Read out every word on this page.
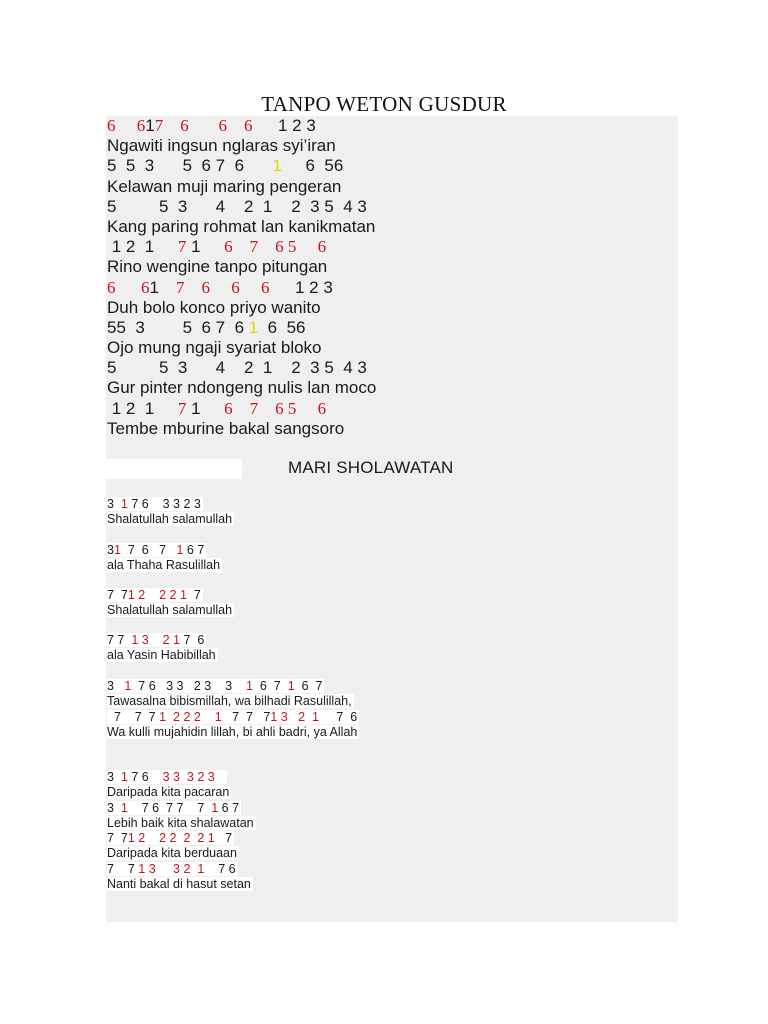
TANPO WETON GUSDUR
6     617    6       6    6      1 2 3
Ngawiti ingsun nglaras syi’iran
5  5  3      5  6 7  6      1     6  56
Kelawan muji maring pengeran
5         5  3      4    2  1    2  3 5  4 3
Kang paring rohmat lan kanikmatan
1 2  1     7 1     6    7    6 5     6
Rino wengine tanpo pitungan
6      61    7    6     6     6      1 2 3
Duh bolo konco priyo wanito
55  3        5  6 7  6 1  6  56
Ojo mung ngaji syariat bloko
5         5  3      4    2  1    2  3 5  4 3
Gur pinter ndongeng nulis lan moco
1 2  1     7 1     6    7    6 5     6
Tembe mburine bakal sangsoro
MARI SHOLAWATAN
3  1 7 6    3 3 2 3
Shalatullah salamullah
31  7  6   7   1 6 7
ala Thaha Rasulillah
7  71 2    2 2 1  7
Shalatullah salamullah
7 7  1 3    2 1 7  6
ala Yasin Habibillah
3   1  7 6   3 3   2 3    3    1  6  7  1  6  7
Tawasalna bibismillah, wa bilhadi Rasulillah,
7    7  7 1  2 2 2 1   7  7   71 3   2  1     7  6
Wa kulli mujahidin lillah, bi ahli badri, ya Allah
3  1 7 6    3 3  3 2 3
Daripada kita pacaran
3  1    7 6  7 7    7  1 6 7
Lebih baik kita shalawatan
7  71 2    2 2  2  2 1   7
Daripada kita berduaan
7    7 1 3     3 2  1    7 6
Nanti bakal di hasut setan
